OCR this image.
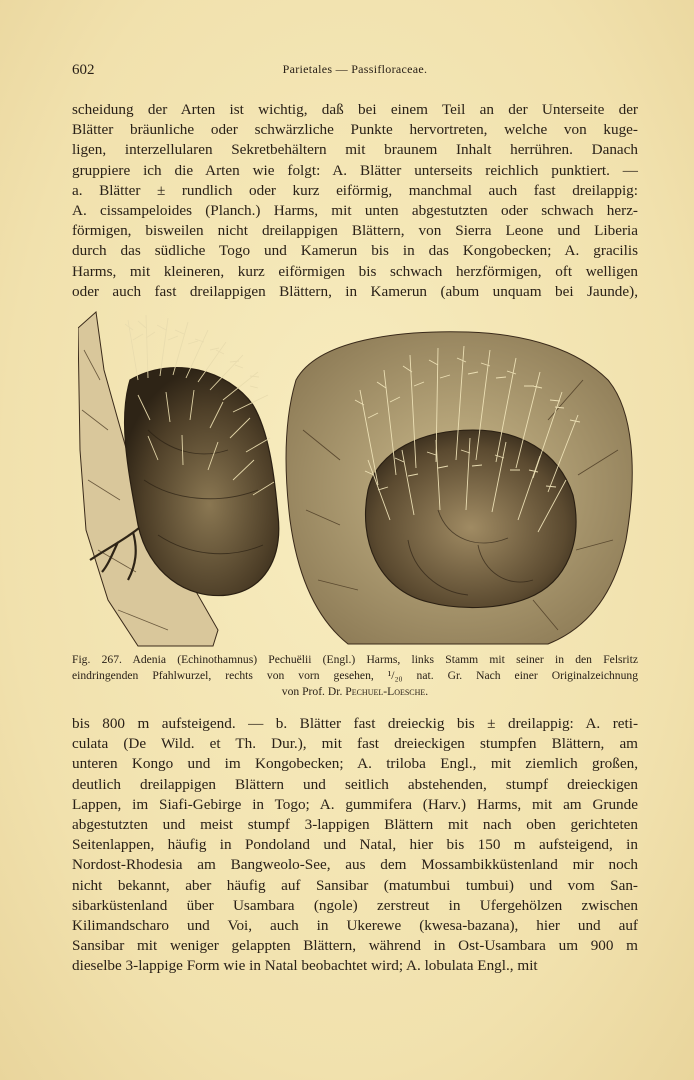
602	Parietales — Passifloraceae.
scheidung der Arten ist wichtig, daß bei einem Teil an der Unterseite der
Blätter bräunliche oder schwärzliche Punkte hervortreten, welche von kuge-
ligen, interzellularen Sekretbehältern mit braunem Inhalt herrühren. Danach
gruppiere ich die Arten wie folgt: A. Blätter unterseits reichlich punktiert. —
a. Blätter ± rundlich oder kurz eiförmig, manchmal auch fast dreilappig:
A. cissampeloides (Planch.) Harms, mit unten abgestutzten oder schwach herz-
förmigen, bisweilen nicht dreilappigen Blättern, von Sierra Leone und Liberia
durch das südliche Togo und Kamerun bis in das Kongobecken; A. gracilis
Harms, mit kleineren, kurz eiförmigen bis schwach herzförmigen, oft welligen
oder auch fast dreilappigen Blättern, in Kamerun (abum unquam bei Jaunde),
Fig. 267. Adenia (Echinothamnus) Pechuëlii (Engl.) Harms, links Stamm mit seiner in den Felsritz
eindringenden Pfahlwurzel, rechts von vorn gesehen, ¹/₂₀ nat. Gr. Nach einer Originalzeichnung
von Prof. Dr. Pechuel-Loesche.
bis 800 m aufsteigend. — b. Blätter fast dreieckig bis ± dreilappig: A. reti-
culata (De Wild. et Th. Dur.), mit fast dreieckigen stumpfen Blättern, am
unteren Kongo und im Kongobecken; A. triloba Engl., mit ziemlich großen,
deutlich dreilappigen Blättern und seitlich abstehenden, stumpf dreieckigen
Lappen, im Siafi-Gebirge in Togo; A. gummifera (Harv.) Harms, mit am Grunde
abgestutzten und meist stumpf 3-lappigen Blättern mit nach oben gerichteten
Seitenlappen, häufig in Pondoland und Natal, hier bis 150 m aufsteigend, in
Nordost-Rhodesia am Bangweolo-See, aus dem Mossambikküstenland mir noch
nicht bekannt, aber häufig auf Sansibar (matumbui tumbui) und vom San-
sibarküstenland über Usambara (ngole) zerstreut in Ufergehölzen zwischen
Kilimandscharo und Voi, auch in Ukerewe (kwesa-bazana), hier und auf
Sansibar mit weniger gelappten Blättern, während in Ost-Usambara um 900 m
dieselbe 3-lappige Form wie in Natal beobachtet wird; A. lobulata Engl., mit
